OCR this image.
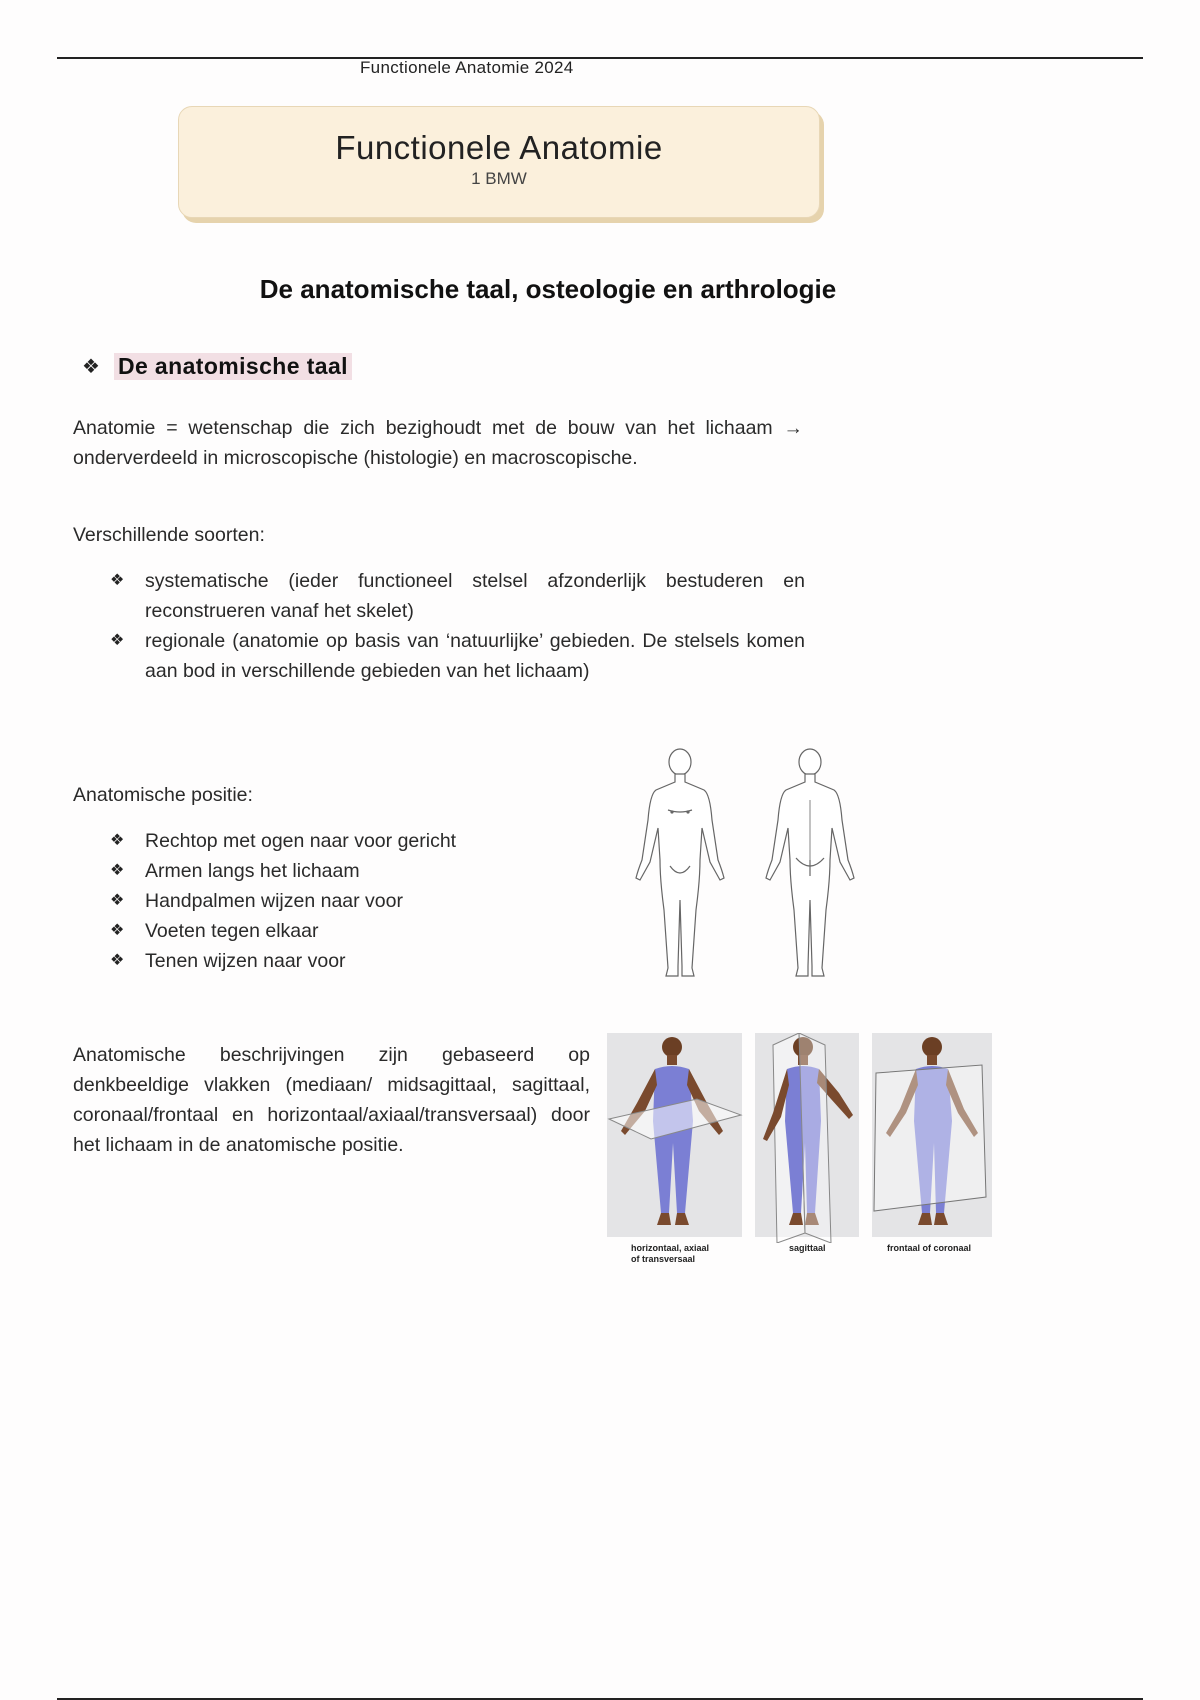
Functionele Anatomie 2024
Functionele Anatomie
1 BMW
De anatomische taal, osteologie en arthrologie
❖ De anatomische taal

Anatomie = wetenschap die zich bezighoudt met de bouw van het lichaam → onderverdeeld in microscopische (histologie) en macroscopische.

Verschillende soorten:

❖ systematische (ieder functioneel stelsel afzonderlijk bestuderen en reconstrueren vanaf het skelet)
❖ regionale (anatomie op basis van ‘natuurlijke’ gebieden. De stelsels komen aan bod in verschillende gebieden van het lichaam)

Anatomische positie:

❖ Rechtop met ogen naar voor gericht
❖ Armen langs het lichaam
❖ Handpalmen wijzen naar voor
❖ Voeten tegen elkaar
❖ Tenen wijzen naar voor

Anatomische beschrijvingen zijn gebaseerd op denkbeeldige vlakken (mediaan/ midsagittaal, sagittaal, coronaal/frontaal en horizontaal/axiaal/transversaal) door het lichaam in de anatomische positie.

horizontaal, axiaal
of transversaal
sagittaal	frontaal of coronaal
